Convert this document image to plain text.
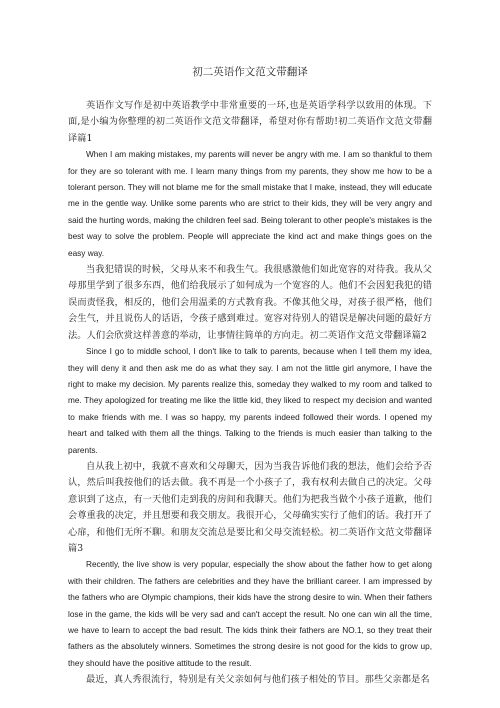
初二英语作文范文带翻译

英语作文写作是初中英语教学中非常重要的一环,也是英语学科学以致用的体现。下面,是小编为你整理的初二英语作文范文带翻译，希望对你有帮助!初二英语作文范文带翻译篇1

When I am making mistakes, my parents will never be angry with me. I am so thankful to them for they are so tolerant with me. I learn many things from my parents, they show me how to be a tolerant person. They will not blame me for the small mistake that I make, instead, they will educate me in the gentle way. Unlike some parents who are strict to their kids, they will be very angry and said the hurting words, making the children feel sad. Being tolerant to other people's mistakes is the best way to solve the problem. People will appreciate the kind act and make things goes on the easy way.

当我犯错误的时候，父母从来不和我生气。我很感激他们如此宽容的对待我。我从父母那里学到了很多东西，他们给我展示了如何成为一个宽容的人。他们不会因犯我犯的错误而责怪我，相反的，他们会用温柔的方式教育我。不像其他父母，对孩子很严格，他们会生气，并且说伤人的话语，令孩子感到难过。宽容对待别人的错误是解决问题的最好方法。人们会欣赏这样善意的举动，让事情往简单的方向走。初二英语作文范文带翻译篇2

Since I go to middle school, I don't like to talk to parents, because when I tell them my idea, they will deny it and then ask me do as what they say. I am not the little girl anymore, I have the right to make my decision. My parents realize this, someday they walked to my room and talked to me. They apologized for treating me like the little kid, they liked to respect my decision and wanted to make friends with me. I was so happy, my parents indeed followed their words. I opened my heart and talked with them all the things. Talking to the friends is much easier than talking to the parents.

自从我上初中，我就不喜欢和父母聊天，因为当我告诉他们我的想法，他们会给予否认，然后叫我按他们的话去做。我不再是一个小孩子了，我有权利去做自己的决定。父母意识到了这点，有一天他们走到我的房间和我聊天。他们为把我当做个小孩子道歉，他们会尊重我的决定，并且想要和我交朋友。我很开心，父母确实实行了他们的话。我打开了心扉，和他们无所不聊。和朋友交流总是要比和父母交流轻松。初二英语作文范文带翻译篇3

Recently, the live show is very popular, especially the show about the father how to get along with their children. The fathers are celebrities and they have the brilliant career. I am impressed by the fathers who are Olympic champions, their kids have the strong desire to win. When their fathers lose in the game, the kids will be very sad and can't accept the result. No one can win all the time, we have to learn to accept the bad result. The kids think their fathers are NO.1, so they treat their fathers as the absolutely winners. Sometimes the strong desire is not good for the kids to grow up, they should have the positive attitude to the result.

最近，真人秀很流行，特别是有关父亲如何与他们孩子相处的节目。那些父亲都是名
